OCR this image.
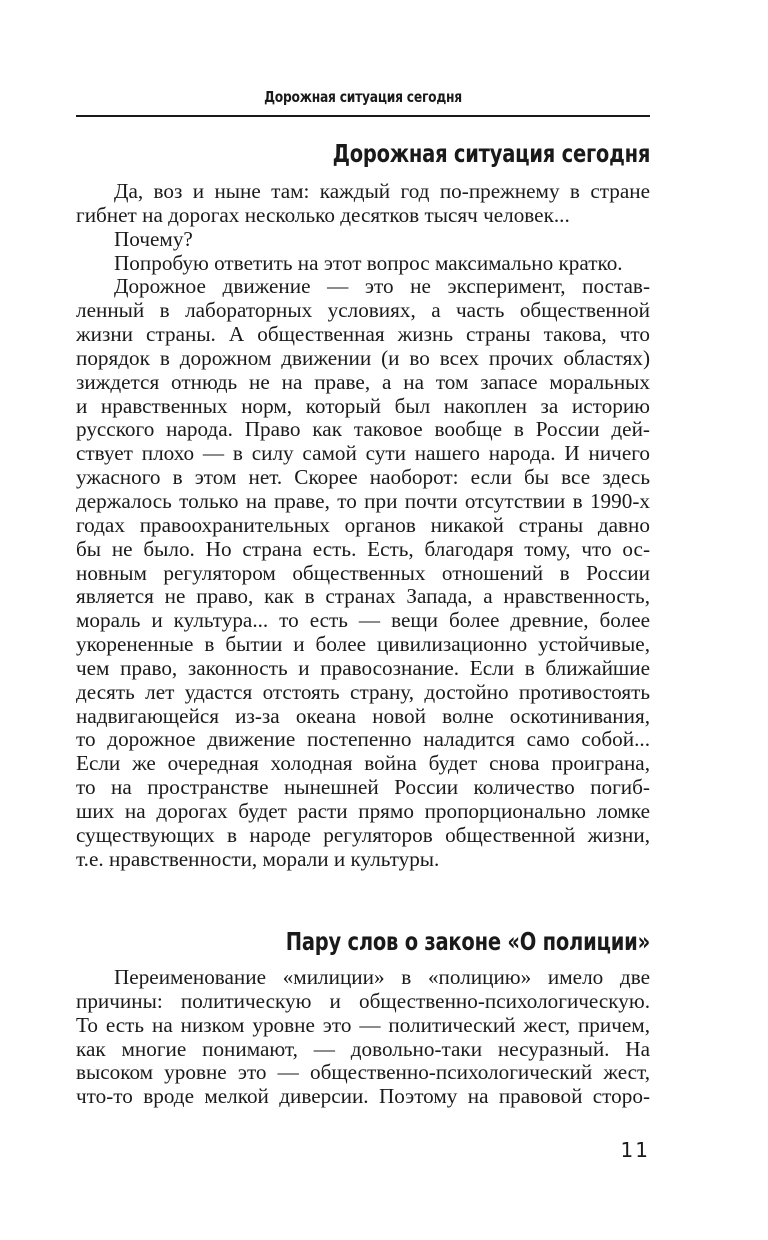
Дорожная ситуация сегодня
Дорожная ситуация сегодня
Да, воз и ныне там: каждый год по-прежнему в стране
гибнет на дорогах несколько десятков тысяч человек...
Почему?
Попробую ответить на этот вопрос максимально кратко.
Дорожное движение — это не эксперимент, постав-
ленный в лабораторных условиях, а часть общественной
жизни страны. А общественная жизнь страны такова, что
порядок в дорожном движении (и во всех прочих областях)
зиждется отнюдь не на праве, а на том запасе моральных
и нравственных норм, который был накоплен за историю
русского народа. Право как таковое вообще в России дей-
ствует плохо — в силу самой сути нашего народа. И ничего
ужасного в этом нет. Скорее наоборот: если бы все здесь
держалось только на праве, то при почти отсутствии в 1990-х
годах правоохранительных органов никакой страны давно
бы не было. Но страна есть. Есть, благодаря тому, что ос-
новным регулятором общественных отношений в России
является не право, как в странах Запада, а нравственность,
мораль и культура... то есть — вещи более древние, более
укорененные в бытии и более цивилизационно устойчивые,
чем право, законность и правосознание. Если в ближайшие
десять лет удастся отстоять страну, достойно противостоять
надвигающейся из-за океана новой волне оскотинивания,
то дорожное движение постепенно наладится само собой...
Если же очередная холодная война будет снова проиграна,
то на пространстве нынешней России количество погиб-
ших на дорогах будет расти прямо пропорционально ломке
существующих в народе регуляторов общественной жизни,
т.е. нравственности, морали и культуры.
Пару слов о законе «О полиции»
Переименование «милиции» в «полицию» имело две
причины: политическую и общественно-психологическую.
То есть на низком уровне это — политический жест, причем,
как многие понимают, — довольно-таки несуразный. На
высоком уровне это — общественно-психологический жест,
что-то вроде мелкой диверсии. Поэтому на правовой сторо-
11
